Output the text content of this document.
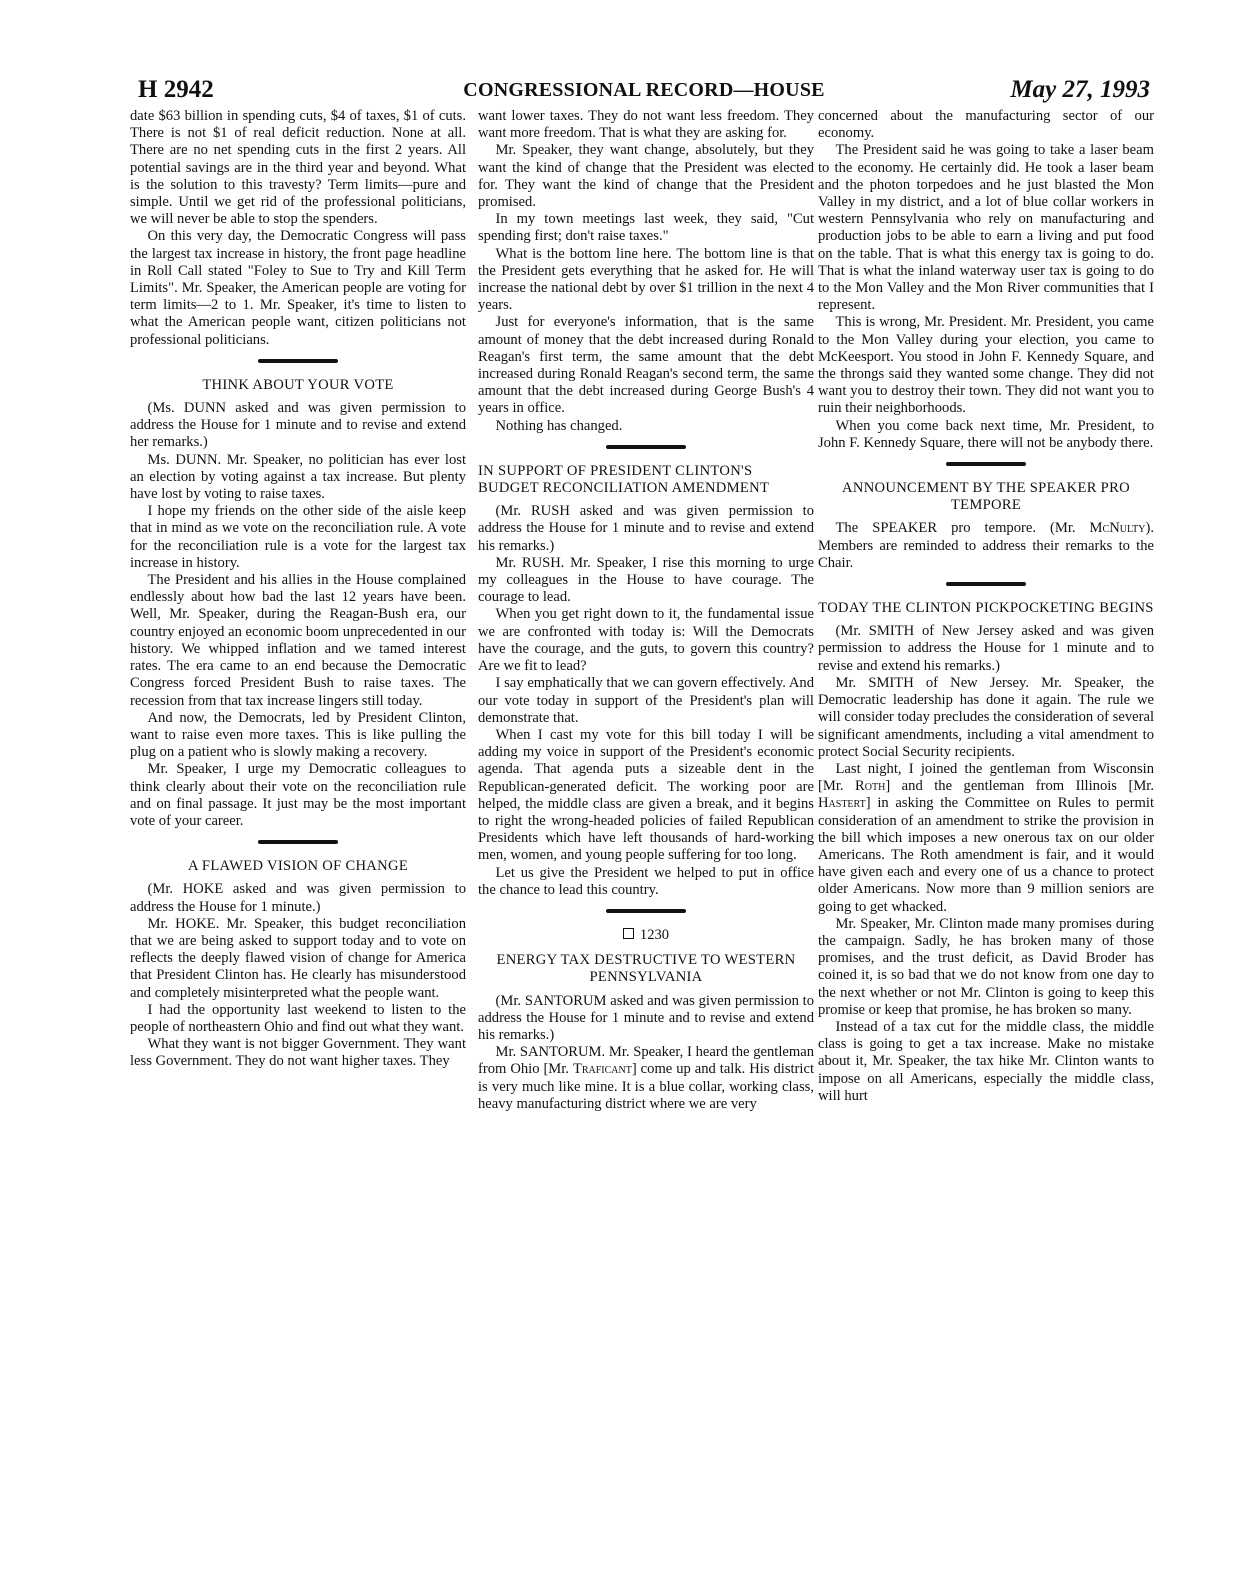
H 2942	CONGRESSIONAL RECORD—HOUSE	May 27, 1993

date $63 billion in spending cuts, $4 of taxes, $1 of cuts. There is not $1 of real deficit reduction. None at all. There are no net spending cuts in the first 2 years. All potential savings are in the third year and beyond. What is the solution to this travesty? Term limits—pure and simple. Until we get rid of the professional politicians, we will never be able to stop the spenders.

On this very day, the Democratic Congress will pass the largest tax increase in history, the front page headline in Roll Call stated "Foley to Sue to Try and Kill Term Limits". Mr. Speaker, the American people are voting for term limits—2 to 1. Mr. Speaker, it's time to listen to what the American people want, citizen politicians not professional politicians.

THINK ABOUT YOUR VOTE

(Ms. DUNN asked and was given permission to address the House for 1 minute and to revise and extend her remarks.)

Ms. DUNN. Mr. Speaker, no politician has ever lost an election by voting against a tax increase. But plenty have lost by voting to raise taxes.

I hope my friends on the other side of the aisle keep that in mind as we vote on the reconciliation rule. A vote for the reconciliation rule is a vote for the largest tax increase in history.

The President and his allies in the House complained endlessly about how bad the last 12 years have been. Well, Mr. Speaker, during the Reagan-Bush era, our country enjoyed an economic boom unprecedented in our history. We whipped inflation and we tamed interest rates. The era came to an end because the Democratic Congress forced President Bush to raise taxes. The recession from that tax increase lingers still today.

And now, the Democrats, led by President Clinton, want to raise even more taxes. This is like pulling the plug on a patient who is slowly making a recovery.

Mr. Speaker, I urge my Democratic colleagues to think clearly about their vote on the reconciliation rule and on final passage. It just may be the most important vote of your career.

A FLAWED VISION OF CHANGE

(Mr. HOKE asked and was given permission to address the House for 1 minute.)

Mr. HOKE. Mr. Speaker, this budget reconciliation that we are being asked to support today and to vote on reflects the deeply flawed vision of change for America that President Clinton has. He clearly has misunderstood and completely misinterpreted what the people want.

I had the opportunity last weekend to listen to the people of northeastern Ohio and find out what they want.

What they want is not bigger Government. They want less Government. They do not want higher taxes. They

want lower taxes. They do not want less freedom. They want more freedom. That is what they are asking for.

Mr. Speaker, they want change, absolutely, but they want the kind of change that the President was elected for. They want the kind of change that the President promised.

In my town meetings last week, they said, "Cut spending first; don't raise taxes."

What is the bottom line here. The bottom line is that the President gets everything that he asked for. He will increase the national debt by over $1 trillion in the next 4 years.

Just for everyone's information, that is the same amount of money that the debt increased during Ronald Reagan's first term, the same amount that the debt increased during Ronald Reagan's second term, the same amount that the debt increased during George Bush's 4 years in office.

Nothing has changed.

IN SUPPORT OF PRESIDENT CLINTON'S BUDGET RECONCILIATION AMENDMENT

(Mr. RUSH asked and was given permission to address the House for 1 minute and to revise and extend his remarks.)

Mr. RUSH. Mr. Speaker, I rise this morning to urge my colleagues in the House to have courage. The courage to lead.

When you get right down to it, the fundamental issue we are confronted with today is: Will the Democrats have the courage, and the guts, to govern this country? Are we fit to lead?

I say emphatically that we can govern effectively. And our vote today in support of the President's plan will demonstrate that.

When I cast my vote for this bill today I will be adding my voice in support of the President's economic agenda. That agenda puts a sizeable dent in the Republican-generated deficit. The working poor are helped, the middle class are given a break, and it begins to right the wrong-headed policies of failed Republican Presidents which have left thousands of hard-working men, women, and young people suffering for too long.

Let us give the President we helped to put in office the chance to lead this country.

1230
ENERGY TAX DESTRUCTIVE TO WESTERN PENNSYLVANIA

(Mr. SANTORUM asked and was given permission to address the House for 1 minute and to revise and extend his remarks.)

Mr. SANTORUM. Mr. Speaker, I heard the gentleman from Ohio [Mr. Traficant] come up and talk. His district is very much like mine. It is a blue collar, working class, heavy manufacturing district where we are very

concerned about the manufacturing sector of our economy.

The President said he was going to take a laser beam to the economy. He certainly did. He took a laser beam and the photon torpedoes and he just blasted the Mon Valley in my district, and a lot of blue collar workers in western Pennsylvania who rely on manufacturing and production jobs to be able to earn a living and put food on the table. That is what this energy tax is going to do. That is what the inland waterway user tax is going to do to the Mon Valley and the Mon River communities that I represent.

This is wrong, Mr. President. Mr. President, you came to the Mon Valley during your election, you came to McKeesport. You stood in John F. Kennedy Square, and the throngs said they wanted some change. They did not want you to destroy their town. They did not want you to ruin their neighborhoods.

When you come back next time, Mr. President, to John F. Kennedy Square, there will not be anybody there.

ANNOUNCEMENT BY THE SPEAKER PRO TEMPORE

The SPEAKER pro tempore. (Mr. McNulty). Members are reminded to address their remarks to the Chair.

TODAY THE CLINTON PICKPOCKETING BEGINS

(Mr. SMITH of New Jersey asked and was given permission to address the House for 1 minute and to revise and extend his remarks.)

Mr. SMITH of New Jersey. Mr. Speaker, the Democratic leadership has done it again. The rule we will consider today precludes the consideration of several significant amendments, including a vital amendment to protect Social Security recipients.

Last night, I joined the gentleman from Wisconsin [Mr. Roth] and the gentleman from Illinois [Mr. Hastert] in asking the Committee on Rules to permit consideration of an amendment to strike the provision in the bill which imposes a new onerous tax on our older Americans. The Roth amendment is fair, and it would have given each and every one of us a chance to protect older Americans. Now more than 9 million seniors are going to get whacked.

Mr. Speaker, Mr. Clinton made many promises during the campaign. Sadly, he has broken many of those promises, and the trust deficit, as David Broder has coined it, is so bad that we do not know from one day to the next whether or not Mr. Clinton is going to keep this promise or keep that promise, he has broken so many.

Instead of a tax cut for the middle class, the middle class is going to get a tax increase. Make no mistake about it, Mr. Speaker, the tax hike Mr. Clinton wants to impose on all Americans, especially the middle class, will hurt
